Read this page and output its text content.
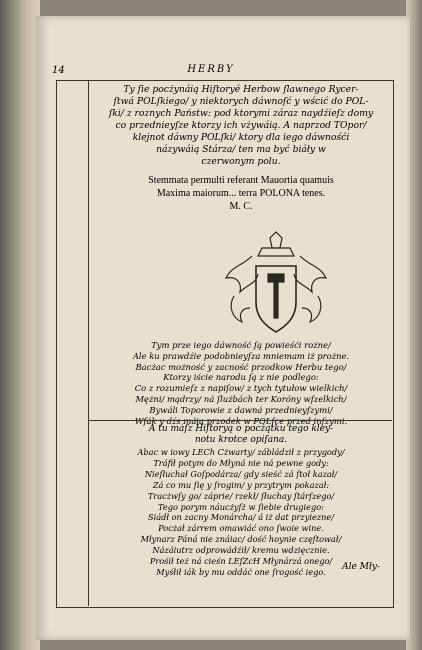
14	HERBY
Ty ſie pocżynáią Hiſtoryé Herbow ſlawnego Rycer-
ſtwá POLſkiego/ y niektorych dáwnoſć y wścić do POL-
ſki/ z roznych Państw: pod ktorymi záraz naydźieſz domy
co przednieyſze ktorzy ich vżywáią. A naprzod TOpor/
klejnot dáwny POLſki/ ktory dla iego dáwnośći
názywáią Stárza/ ten ma być biáły w
czerwonym polu.
Stemmata permulti referant Mauortia quamuis
Maxima maiorum... terra POLONA tenes.
M. C.
Tym prze iego dáwność ſą powieśći rożne/
Ale ku prawdźie podobnieyſza mniemam iż prożne.
Bacżac możność y zacność przodkow Herbu tego/
Ktorzy iście narodu ſą z nie podlego:
Co z rozumieſz z napiſow/ z tych tytułow wielkich/
Mężni/ mądrzy/ ná ſlużbách ter Koróny wſzelkich/
Bywáli Toporowie z dawná przednieyſzymi/
Wſák y dźs máia przodek w POLſce przed inſzymi.
A tu máſz Hiſtoryą o pocżątku tego kley-
notu krotce opiſana.
Abac w iowy LECh Cżwarty/ zábládził z przygody/
Tráfił potym do Młyná nie ná pewne gody:
Nieſłuchał Goſpodárza/ gdy sieść zá ſtoł kazał/
Zá co mu ſię y ſrogim/ y przytrym pokazał:
Tracżwſy go/ záprie/ rzekł/ ſłuchay ſtárſzego/
Tego porym náucżyſż w ſiebie drugiego:
Siádł on zacny Monárcha/ á iż dat przyiezne/
Pocżał zárrem omawiáć ono ſwoie wine.
Młynarz Páná nie znáiac/ dość hoynie częſtował/
Názáiutrz odprowádźił/ kremu wdzięcznie.
Prośił też ná cieśn LEſZcH Młynárzá onego/
Myśłił iák by mu oddáć one ſrogość iego.	Ale Mły-
